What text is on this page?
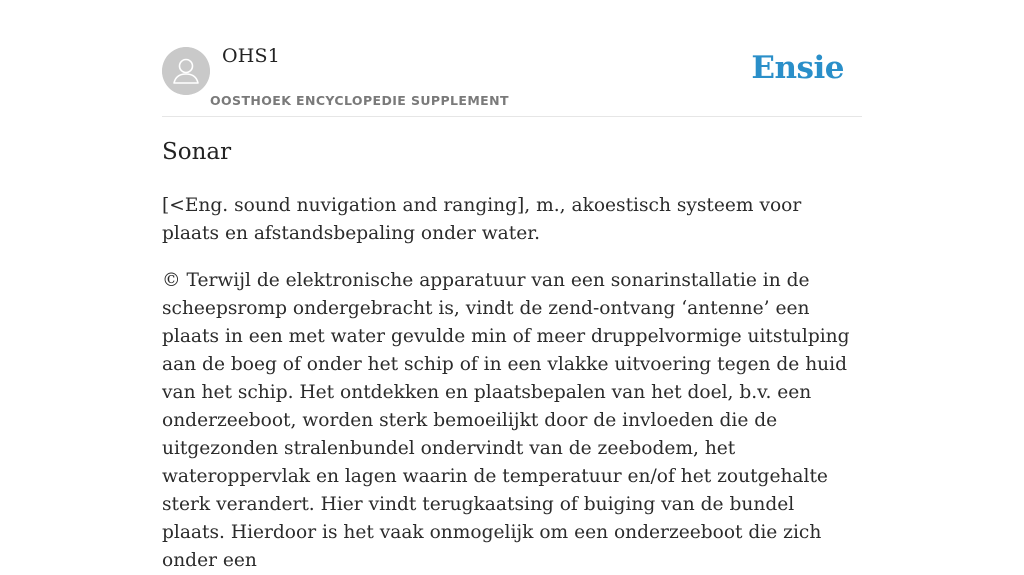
OHS1
OOSTHOEK ENCYCLOPEDIE SUPPLEMENT
Ensie
Sonar

[<Eng. sound nuvigation and ranging], m., akoestisch systeem voor plaats en afstandsbepaling onder water.

© Terwijl de elektronische apparatuur van een sonarinstallatie in de scheepsromp ondergebracht is, vindt de zend-ontvang ‘antenne’ een plaats in een met water gevulde min of meer druppelvormige uitstulping aan de boeg of onder het schip of in een vlakke uitvoering tegen de huid van het schip. Het ontdekken en plaatsbepalen van het doel, b.v. een onderzeeboot, worden sterk bemoeilijkt door de invloeden die de uitgezonden stralenbundel ondervindt van de zeebodem, het wateroppervlak en lagen waarin de temperatuur en/of het zoutgehalte sterk verandert. Hier vindt terugkaatsing of buiging van de bundel plaats. Hierdoor is het vaak onmogelijk om een onderzeeboot die zich onder een
